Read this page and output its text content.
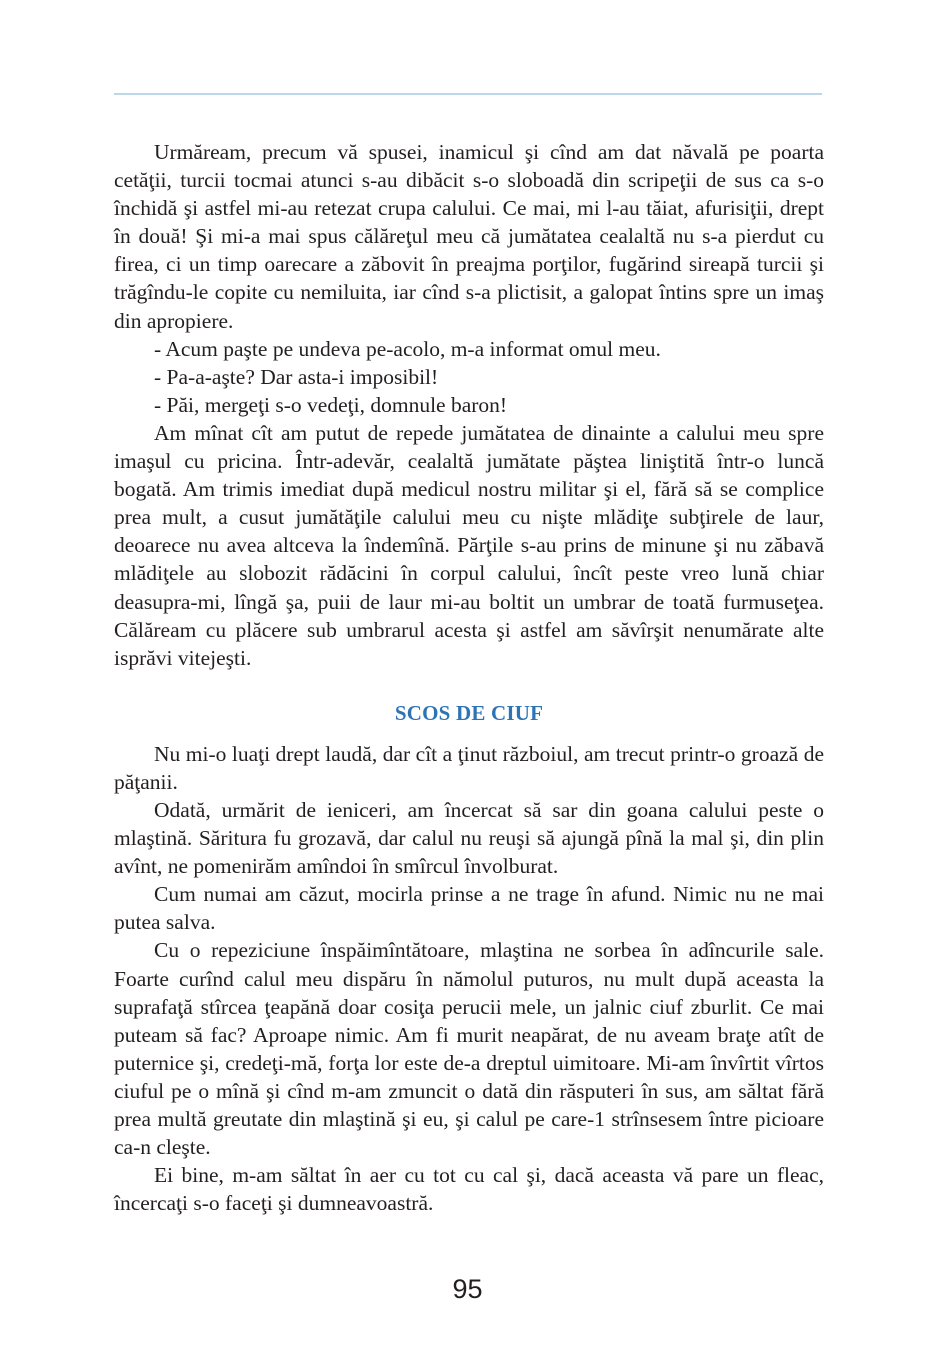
Urmăream, precum vă spusei, inamicul şi cînd am dat năvală pe poarta cetăţii, turcii tocmai atunci s-au dibăcit s-o sloboadă din scripeţii de sus ca s-o închidă şi astfel mi-au retezat crupa calului. Ce mai, mi l-au tăiat, afurisiţii, drept în două! Şi mi-a mai spus călăreţul meu că jumătatea cealaltă nu s-a pierdut cu firea, ci un timp oarecare a zăbovit în preajma porţilor, fugărind sireapă turcii şi trăgîndu-le copite cu nemiluita, iar cînd s-a plictisit, a galopat întins spre un imaş din apropiere.

- Acum paşte pe undeva pe-acolo, m-a informat omul meu.

- Pa-a-aşte? Dar asta-i imposibil!

- Păi, mergeţi s-o vedeţi, domnule baron!

Am mînat cît am putut de repede jumătatea de dinainte a calului meu spre imaşul cu pricina. Într-adevăr, cealaltă jumătate păştea liniştită într-o luncă bogată. Am trimis imediat după medicul nostru militar şi el, fără să se complice prea mult, a cusut jumătăţile calului meu cu nişte mlădiţe subţirele de laur, deoarece nu avea altceva la îndemînă. Părţile s-au prins de minune şi nu zăbavă mlădiţele au slobozit rădăcini în corpul calului, încît peste vreo lună chiar deasupra-mi, lîngă şa, puii de laur mi-au boltit un umbrar de toată furmuseţea. Călăream cu plăcere sub umbrarul acesta şi astfel am săvîrşit nenumărate alte isprăvi vitejeşti.

SCOS DE CIUF

Nu mi-o luaţi drept laudă, dar cît a ţinut războiul, am trecut printr-o groază de păţanii.

Odată, urmărit de ieniceri, am încercat să sar din goana calului peste o mlaştină. Săritura fu grozavă, dar calul nu reuşi să ajungă pînă la mal şi, din plin avînt, ne pomenirăm amîndoi în smîrcul învolburat.

Cum numai am căzut, mocirla prinse a ne trage în afund. Nimic nu ne mai putea salva.

Cu o repeziciune înspăimîntătoare, mlaştina ne sorbea în adîncurile sale. Foarte curînd calul meu dispăru în nămolul puturos, nu mult după aceasta la suprafaţă stîrcea ţeapănă doar cosiţa perucii mele, un jalnic ciuf zburlit. Ce mai puteam să fac? Aproape nimic. Am fi murit neapărat, de nu aveam braţe atît de puternice şi, credeţi-mă, forţa lor este de-a dreptul uimitoare. Mi-am învîrtit vîrtos ciuful pe o mînă şi cînd m-am zmuncit o dată din răsputeri în sus, am săltat fără prea multă greutate din mlaştină şi eu, şi calul pe care-1 strînsesem între picioare ca-n cleşte.

Ei bine, m-am săltat în aer cu tot cu cal şi, dacă aceasta vă pare un fleac, încercaţi s-o faceţi şi dumneavoastră.

95
